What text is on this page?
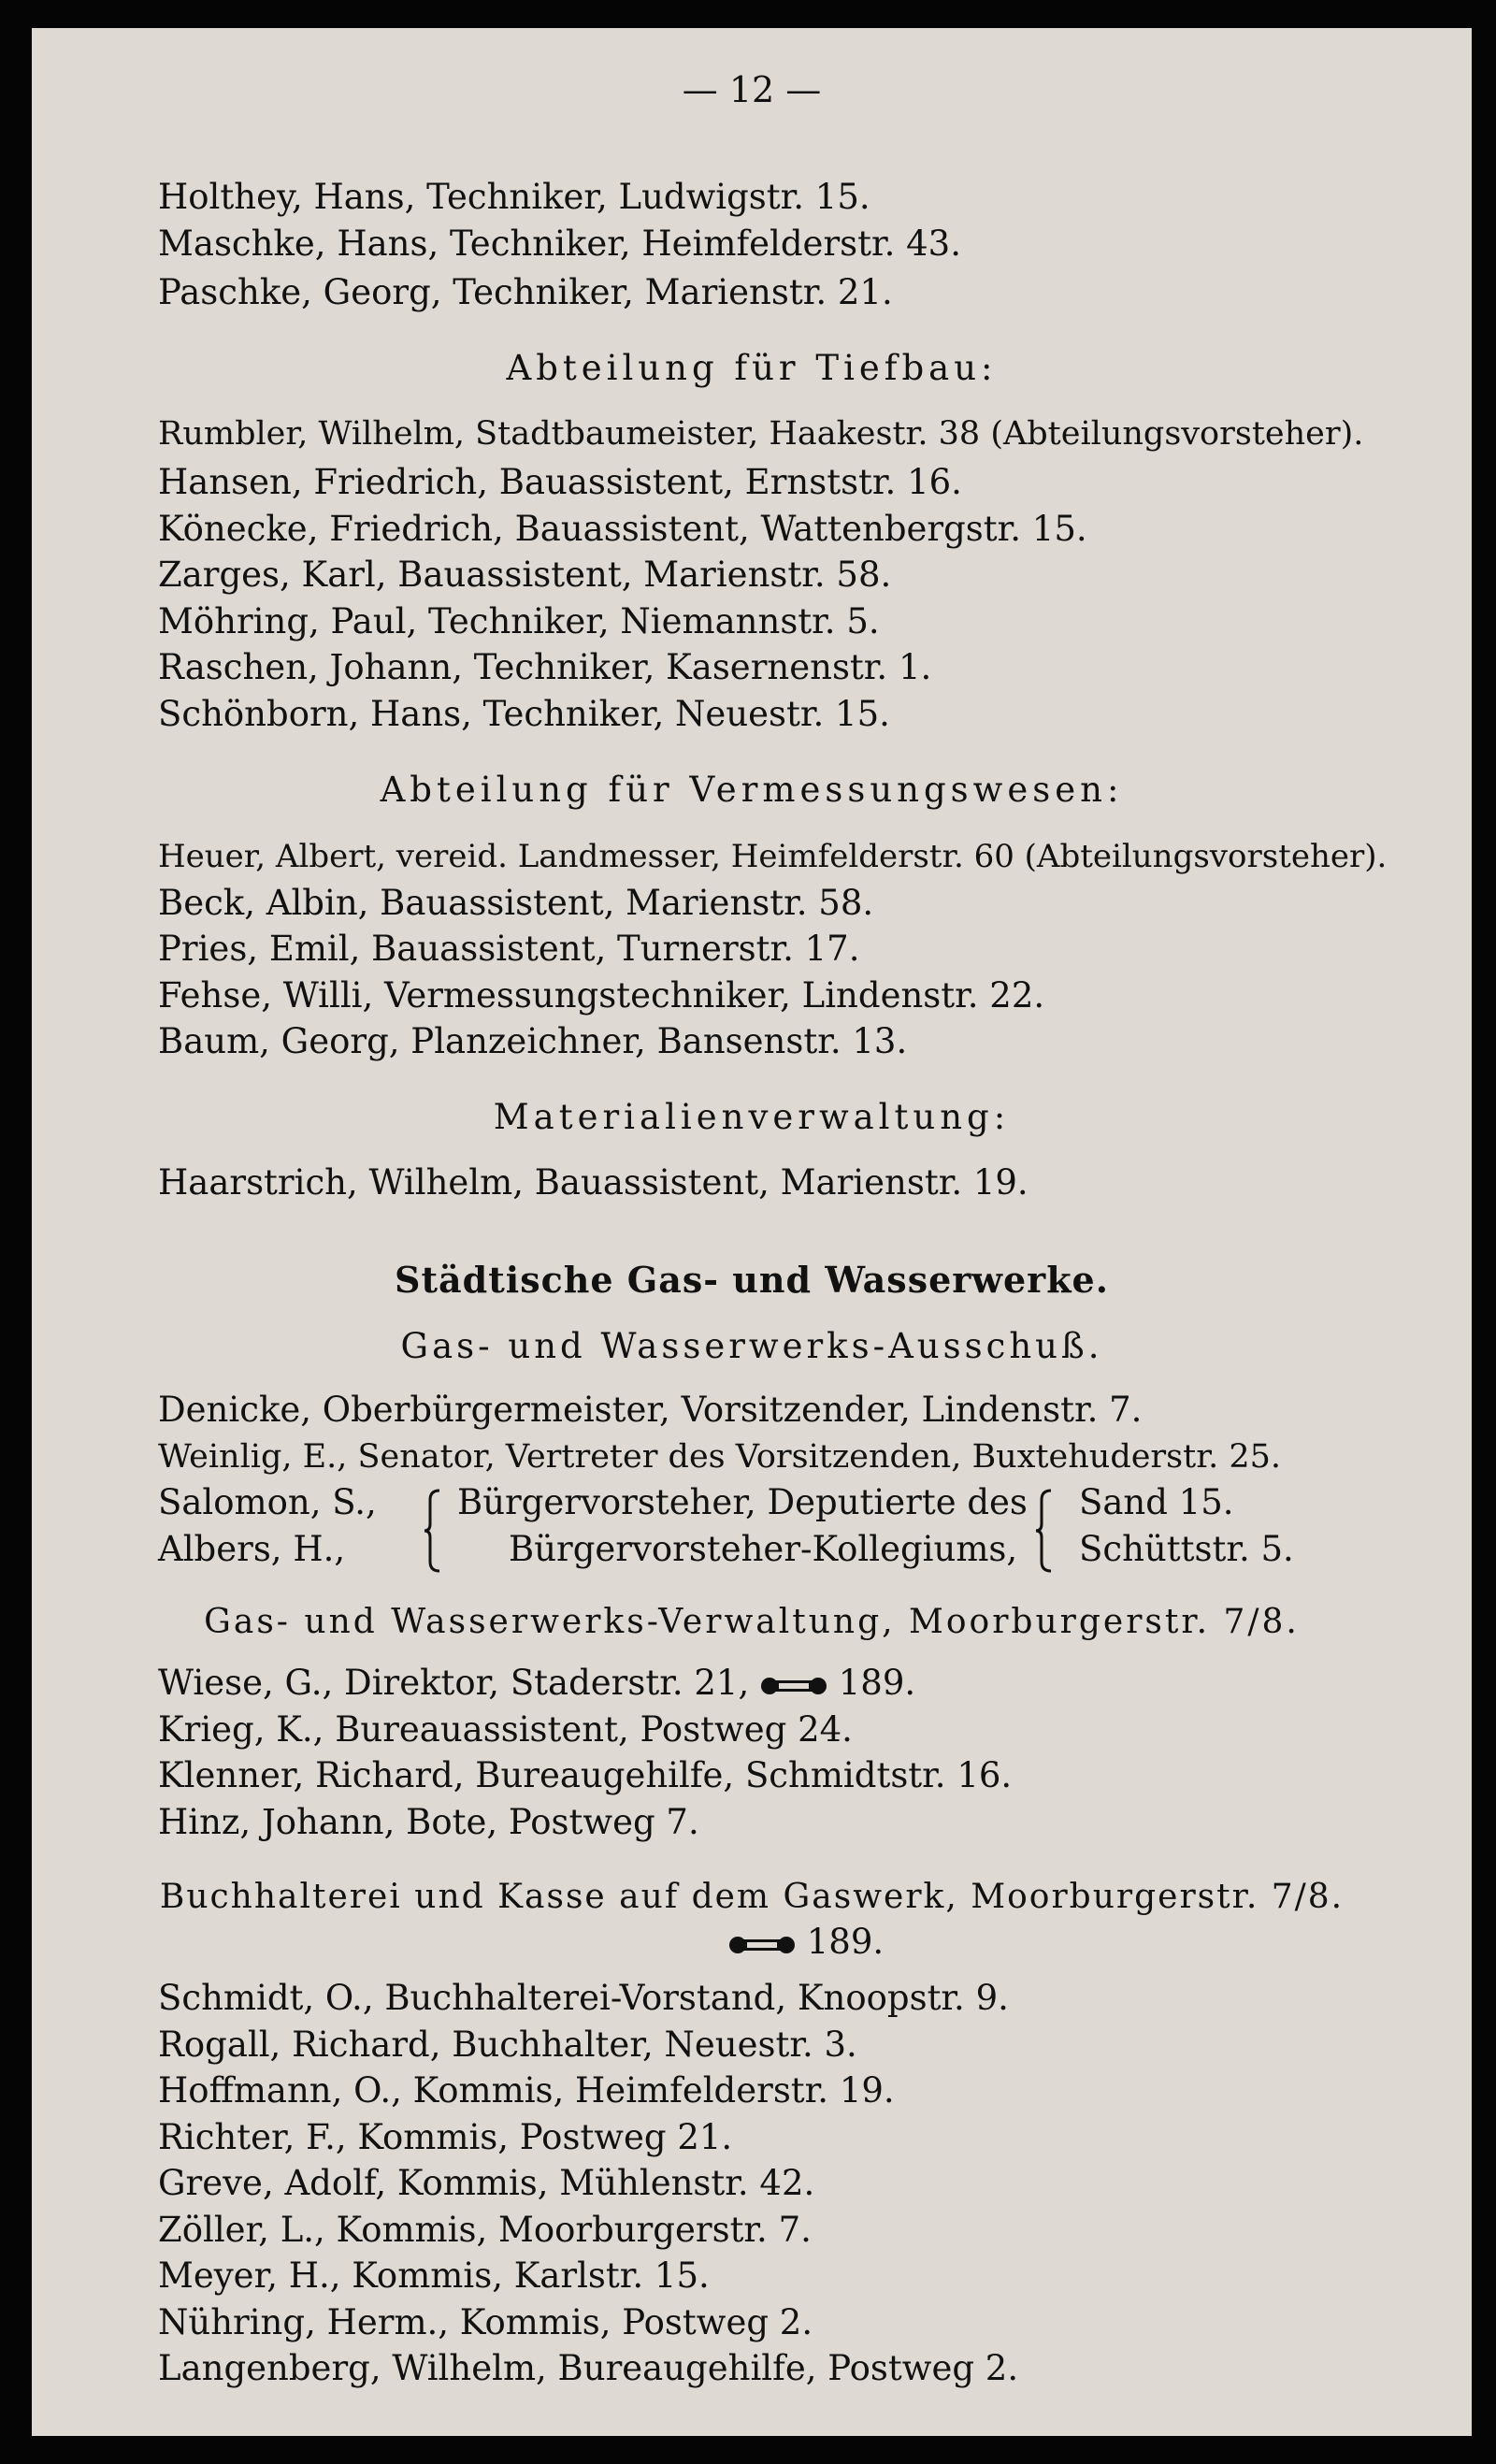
— 12 —
Holthey, Hans, Techniker, Ludwigstr. 15.
Maschke, Hans, Techniker, Heimfelderstr. 43.
Paschke, Georg, Techniker, Marienstr. 21.
Abteilung für Tiefbau:
Rumbler, Wilhelm, Stadtbaumeister, Haakestr. 38 (Abteilungsvorsteher).
Hansen, Friedrich, Bauassistent, Ernststr. 16.
Könecke, Friedrich, Bauassistent, Wattenbergstr. 15.
Zarges, Karl, Bauassistent, Marienstr. 58.
Möhring, Paul, Techniker, Niemannstr. 5.
Raschen, Johann, Techniker, Kasernenstr. 1.
Schönborn, Hans, Techniker, Neuestr. 15.
Abteilung für Vermessungswesen:
Heuer, Albert, vereid. Landmesser, Heimfelderstr. 60 (Abteilungsvorsteher).
Beck, Albin, Bauassistent, Marienstr. 58.
Pries, Emil, Bauassistent, Turnerstr. 17.
Fehse, Willi, Vermessungstechniker, Lindenstr. 22.
Baum, Georg, Planzeichner, Bansenstr. 13.
Materialienverwaltung:
Haarstrich, Wilhelm, Bauassistent, Marienstr. 19.
Städtische Gas- und Wasserwerke.
Gas- und Wasserwerks-Ausschuß.
Denicke, Oberbürgermeister, Vorsitzender, Lindenstr. 7.
Weinlig, E., Senator, Vertreter des Vorsitzenden, Buxtehuderstr. 25.
Salomon, S.,
Albers, H.,
Bürgervorsteher, Deputierte des
Bürgervorsteher-Kollegiums,
Sand 15.
Schüttstr. 5.
Gas- und Wasserwerks-Verwaltung, Moorburgerstr. 7/8.
Wiese, G., Direktor, Staderstr. 21,	189.
Krieg, K., Bureauassistent, Postweg 24.
Klenner, Richard, Bureaugehilfe, Schmidtstr. 16.
Hinz, Johann, Bote, Postweg 7.
Buchhalterei und Kasse auf dem Gaswerk, Moorburgerstr. 7/8.
189.
Schmidt, O., Buchhalterei-Vorstand, Knoopstr. 9.
Rogall, Richard, Buchhalter, Neuestr. 3.
Hoffmann, O., Kommis, Heimfelderstr. 19.
Richter, F., Kommis, Postweg 21.
Greve, Adolf, Kommis, Mühlenstr. 42.
Zöller, L., Kommis, Moorburgerstr. 7.
Meyer, H., Kommis, Karlstr. 15.
Nühring, Herm., Kommis, Postweg 2.
Langenberg, Wilhelm, Bureaugehilfe, Postweg 2.
